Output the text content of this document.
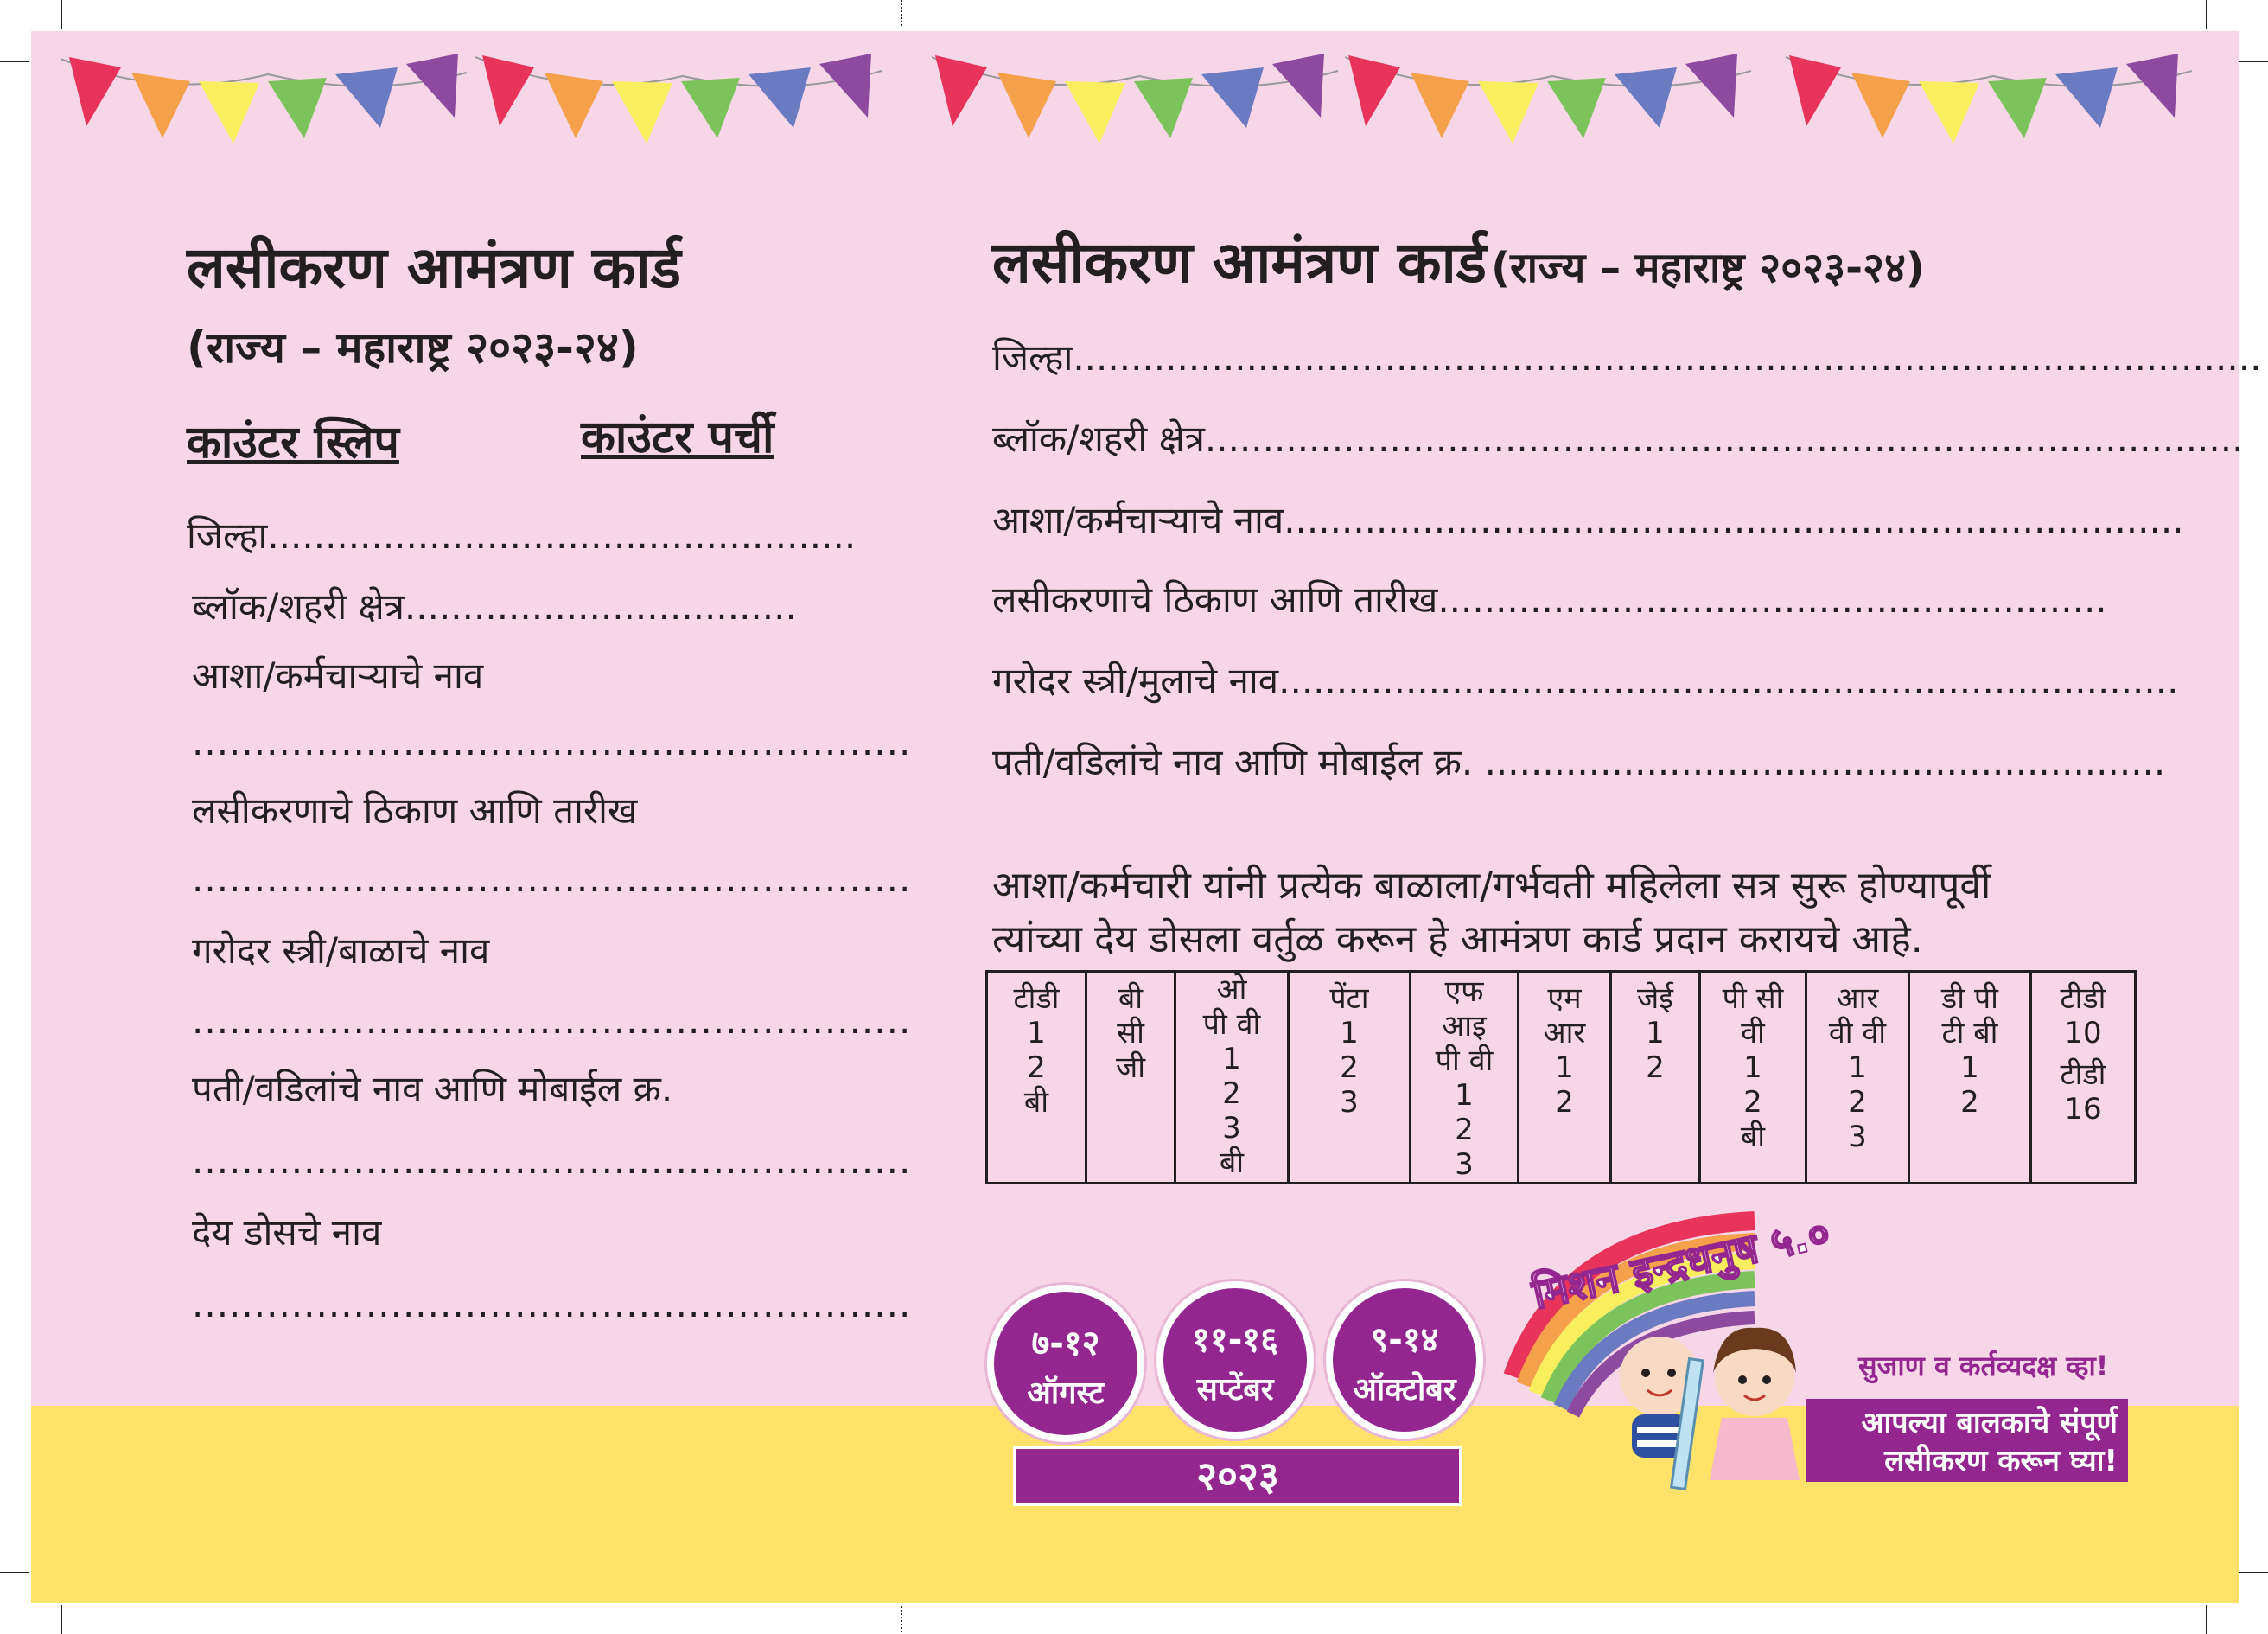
लसीकरण आमंत्रण कार्ड
(राज्य – महाराष्ट्र २०२३-२४)
काउंटर स्लिप	काउंटर पर्ची
जिल्हा...................................................
ब्लॉक/शहरी क्षेत्र..................................
आशा/कर्मचाऱ्याचे नाव
..........................................................
लसीकरणाचे ठिकाण आणि तारीख
..........................................................
गरोदर स्त्री/बाळाचे नाव
..........................................................
पती/वडिलांचे नाव आणि मोबाईल क्र.
..........................................................
देय डोसचे नाव
..........................................................
लसीकरण आमंत्रण कार्ड (राज्य – महाराष्ट्र २०२३-२४)
जिल्हा.......................................................................................................
ब्लॉक/शहरी क्षेत्र..........................................................................................
आशा/कर्मचाऱ्याचे नाव..............................................................................
लसीकरणाचे ठिकाण आणि तारीख..........................................................
गरोदर स्त्री/मुलाचे नाव..............................................................................
पती/वडिलांचे नाव आणि मोबाईल क्र. ...........................................................
आशा/कर्मचारी यांनी प्रत्येक बाळाला/गर्भवती महिलेला सत्र सुरू होण्यापूर्वी
त्यांच्या देय डोसला वर्तुळ करून हे आमंत्रण कार्ड प्रदान करायचे आहे.
टीडी
1
2
बी

बी
सी
जी

ओ
पी वी
1
2
3
बी

पेंटा
1
2
3

एफ
आइ
पी वी
1
2
3

एम
आर
1
2

जेई
1
2

पी सी
वी
1
2
बी

आर
वी वी
1
2
3

डी पी
टी बी
1
2

टीडी
10
टीडी
16
७-१२
ऑगस्ट
११-१६
सप्टेंबर
९-१४
ऑक्टोबर
२०२३
मिशन इन्द्रधनुष ५.०
सुजाण व कर्तव्यदक्ष व्हा!
आपल्या बालकाचे संपूर्ण
लसीकरण करून घ्या!
